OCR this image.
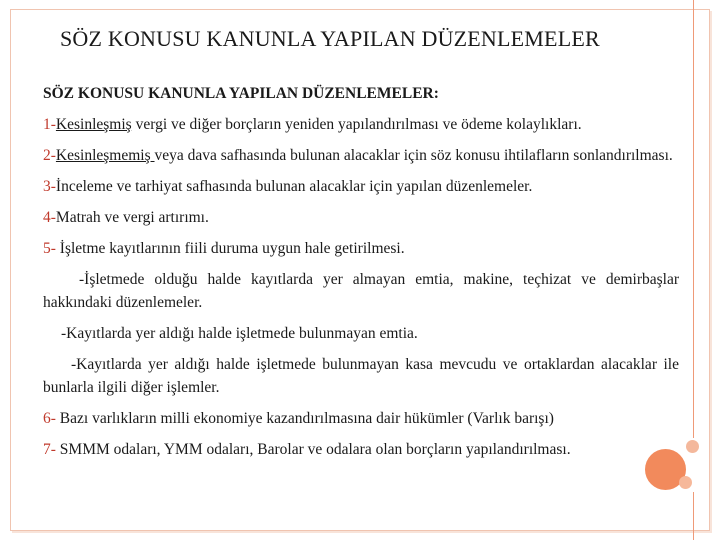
SÖZ KONUSU KANUNLA YAPILAN DÜZENLEMELER

SÖZ KONUSU KANUNLA YAPILAN DÜZENLEMELER:

1-Kesinleşmiş vergi ve diğer borçların yeniden yapılandırılması ve ödeme kolaylıkları.

2-Kesinleşmemiş veya dava safhasında bulunan alacaklar için söz konusu ihtilafların sonlandırılması.

3-İnceleme ve tarhiyat safhasında bulunan alacaklar için yapılan düzenlemeler.

4-Matrah ve vergi artırımı.

5- İşletme kayıtlarının fiili duruma uygun hale getirilmesi.

-İşletmede olduğu halde kayıtlarda yer almayan emtia, makine, teçhizat ve demirbaşlar hakkındaki düzenlemeler.

-Kayıtlarda yer aldığı halde işletmede bulunmayan emtia.

-Kayıtlarda yer aldığı halde işletmede bulunmayan kasa mevcudu ve ortaklardan alacaklar ile bunlarla ilgili diğer işlemler.

6- Bazı varlıkların milli ekonomiye kazandırılmasına dair hükümler (Varlık barışı)

7- SMMM odaları, YMM odaları, Barolar ve odalara olan borçların yapılandırılması.
